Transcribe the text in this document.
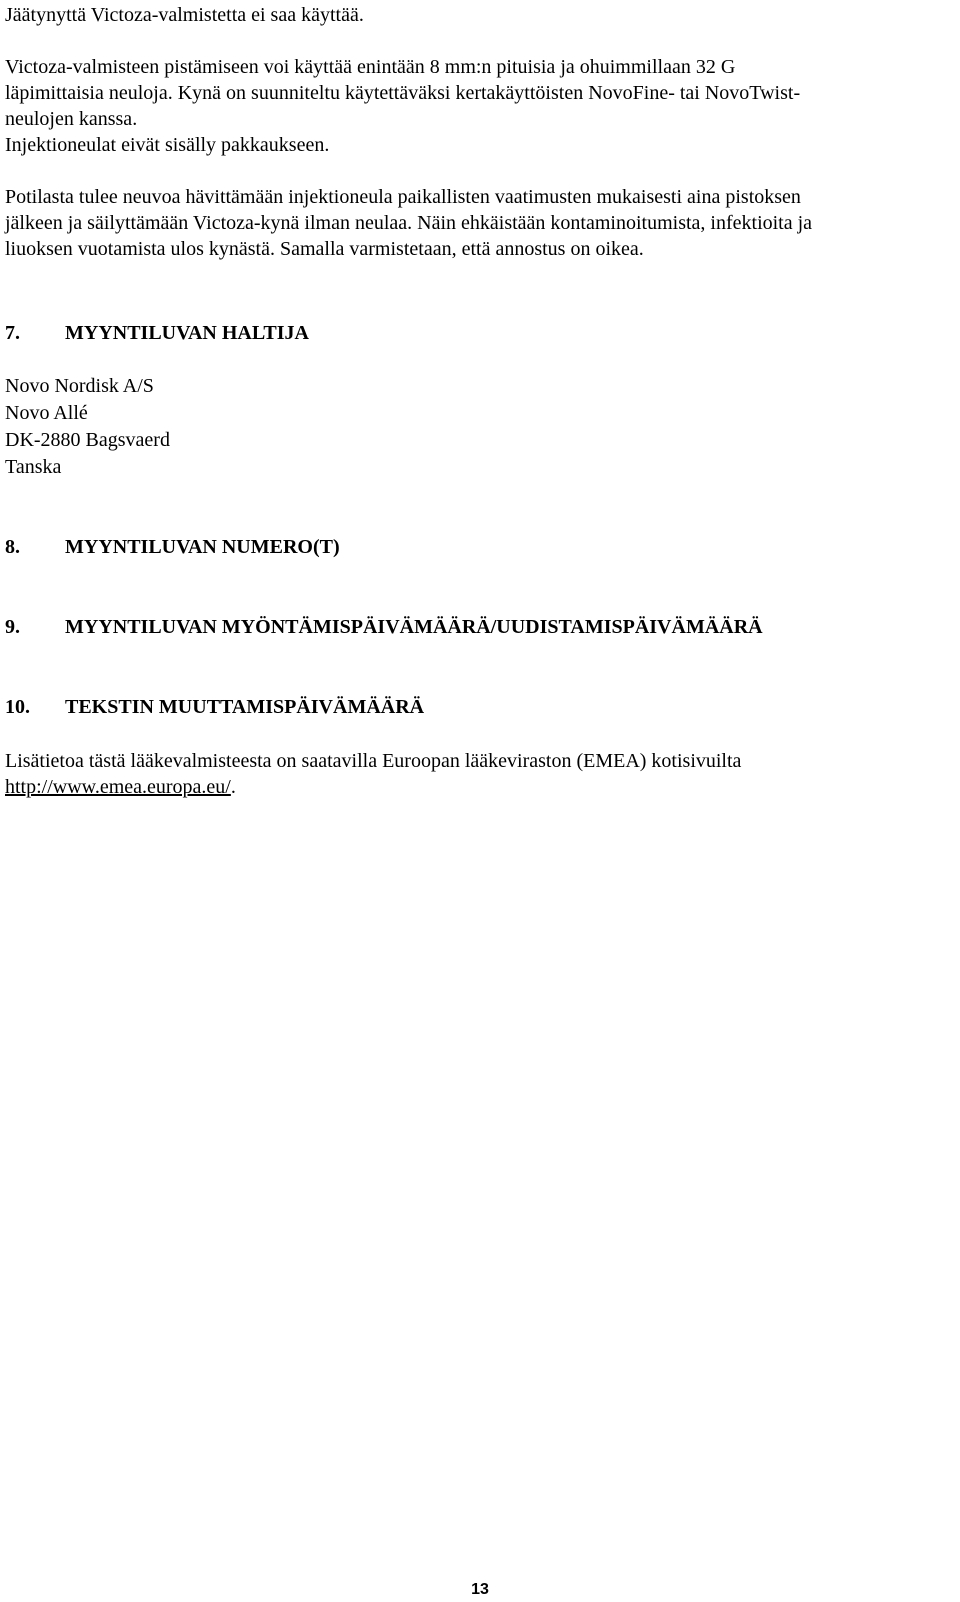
Jäätynyttä Victoza-valmistetta ei saa käyttää.

Victoza-valmisteen pistämiseen voi käyttää enintään 8 mm:n pituisia ja ohuimmillaan 32 G

läpimittaisia neuloja. Kynä on suunniteltu käytettäväksi kertakäyttöisten NovoFine- tai NovoTwist-

neulojen kanssa.

Injektioneulat eivät sisälly pakkaukseen.

Potilasta tulee neuvoa hävittämään injektioneula paikallisten vaatimusten mukaisesti aina pistoksen

jälkeen ja säilyttämään Victoza-kynä ilman neulaa. Näin ehkäistään kontaminoitumista, infektioita ja

liuoksen vuotamista ulos kynästä. Samalla varmistetaan, että annostus on oikea.

7. MYYNTILUVAN HALTIJA

Novo Nordisk A/S

Novo Allé

DK-2880 Bagsvaerd

Tanska

8. MYYNTILUVAN NUMERO(T)
9. MYYNTILUVAN MYÖNTÄMISPÄIVÄMÄÄRÄ/UUDISTAMISPÄIVÄMÄÄRÄ
10. TEKSTIN MUUTTAMISPÄIVÄMÄÄRÄ

Lisätietoa tästä lääkevalmisteesta on saatavilla Euroopan lääkeviraston (EMEA) kotisivuilta

http://www.emea.europa.eu/.

13
